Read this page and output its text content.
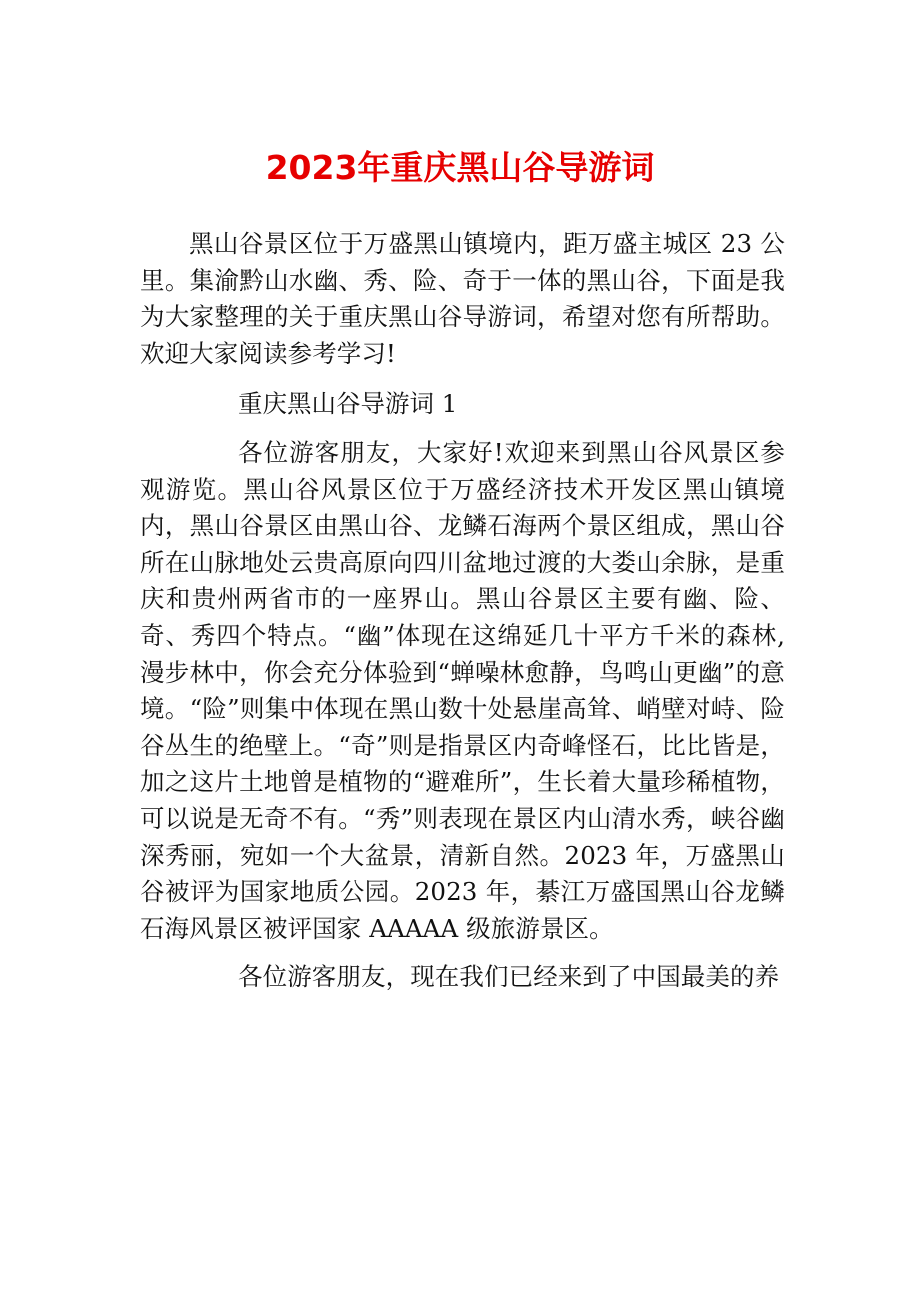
2023年重庆黑山谷导游词

黑山谷景区位于万盛黑山镇境内，距万盛主城区 23 公里。集渝黔山水幽、秀、险、奇于一体的黑山谷，下面是我为大家整理的关于重庆黑山谷导游词，希望对您有所帮助。欢迎大家阅读参考学习!

重庆黑山谷导游词 1

各位游客朋友，大家好!欢迎来到黑山谷风景区参观游览。黑山谷风景区位于万盛经济技术开发区黑山镇境内，黑山谷景区由黑山谷、龙鳞石海两个景区组成，黑山谷所在山脉地处云贵高原向四川盆地过渡的大娄山余脉，是重庆和贵州两省市的一座界山。黑山谷景区主要有幽、险、奇、秀四个特点。“幽”体现在这绵延几十平方千米的森林,漫步林中，你会充分体验到“蝉噪林愈静，鸟鸣山更幽”的意境。“险”则集中体现在黑山数十处悬崖高耸、峭壁对峙、险谷丛生的绝壁上。“奇”则是指景区内奇峰怪石，比比皆是，加之这片土地曾是植物的“避难所”，生长着大量珍稀植物，可以说是无奇不有。“秀”则表现在景区内山清水秀，峡谷幽深秀丽，宛如一个大盆景，清新自然。2023 年，万盛黑山谷被评为国家地质公园。2023 年，綦江万盛国黑山谷龙鳞石海风景区被评国家 AAAAA 级旅游景区。

各位游客朋友，现在我们已经来到了中国最美的养
